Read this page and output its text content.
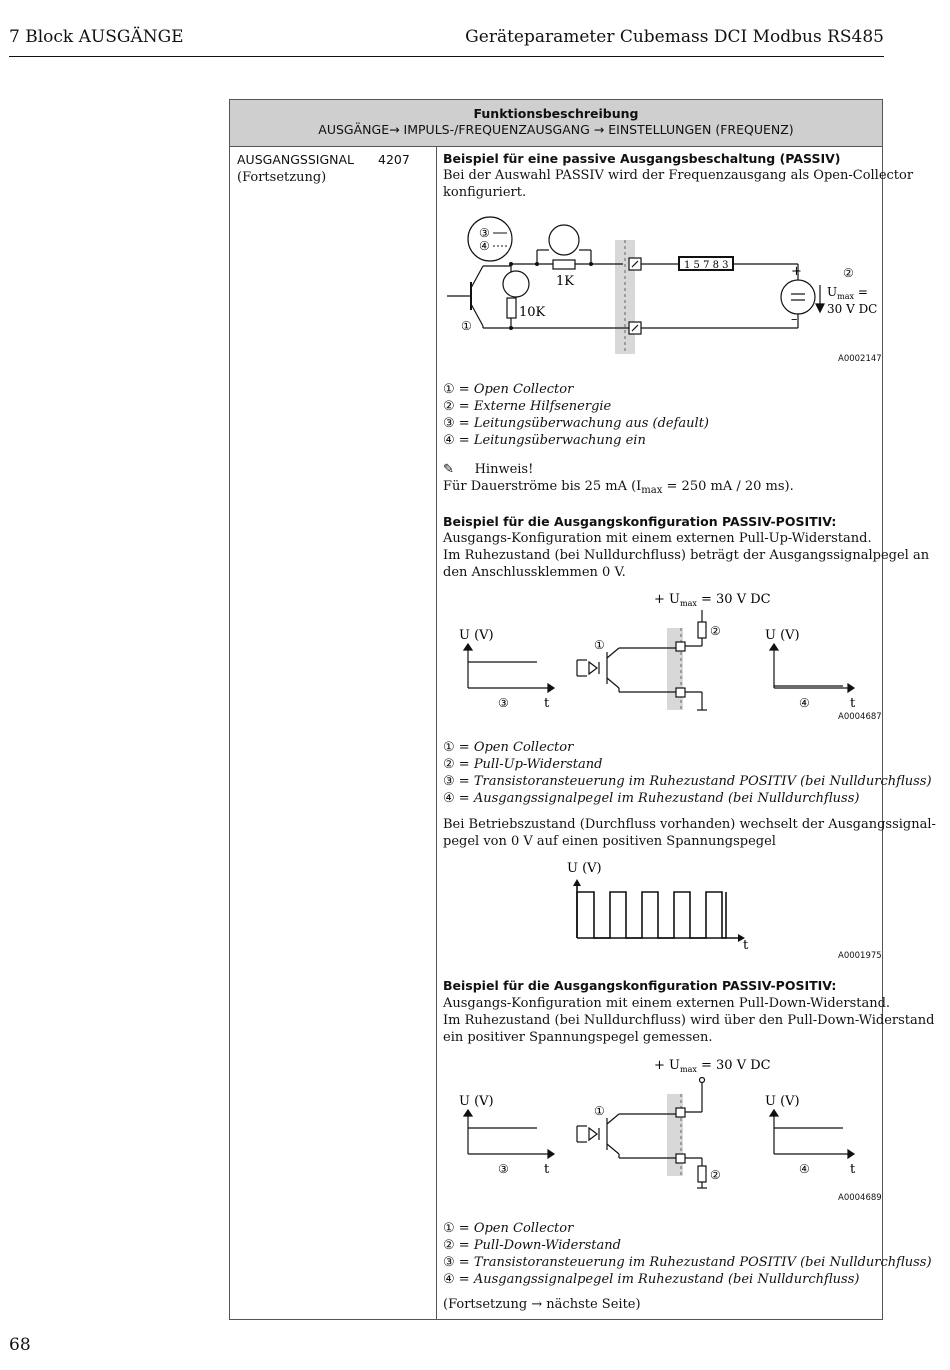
7 Block AUSGÄNGE	Geräteparameter Cubemass DCI Modbus RS485
Funktionsbeschreibung
AUSGÄNGE→ IMPULS-/FREQUENZAUSGANG → EINSTELLUNGEN (FREQUENZ)
AUSGANGSSIGNAL	4207
(Fortsetzung)
Beispiel für eine passive Ausgangsbeschaltung (PASSIV)
Bei der Auswahl PASSIV wird der Frequenzausgang als Open-Collector
konfiguriert.
③
④
1K
10K
①
1 5 7 8 3	+
–
②
$U_{max}$ =
30 V DC
A0002147
① = Open Collector
② = Externe Hilfsenergie
③ = Leitungsüberwachung aus (default)
④ = Leitungsüberwachung ein
✎ Hinweis!
Für Dauerströme bis 25 mA ($I_{max} = 250$ mA / 20 ms).
Beispiel für die Ausgangskonfiguration PASSIV-POSITIV:
Ausgangs-Konfiguration mit einem externen Pull-Up-Widerstand.
Im Ruhezustand (bei Nulldurchfluss) beträgt der Ausgangssignalpegel an
den Anschlussklemmen 0 V.
+ $U_{max} = 30$ V DC
U (V)	U (V)
t	t
③	④
①
②
A0004687
① = Open Collector
② = Pull-Up-Widerstand
③ = Transistoransteuerung im Ruhezustand POSITIV (bei Nulldurchfluss)
④ = Ausgangssignalpegel im Ruhezustand (bei Nulldurchfluss)
Bei Betriebszustand (Durchfluss vorhanden) wechselt der Ausgangssignal-
pegel von 0 V auf einen positiven Spannungspegel
U (V)
t
A0001975
Beispiel für die Ausgangskonfiguration PASSIV-POSITIV:
Ausgangs-Konfiguration mit einem externen Pull-Down-Widerstand.
Im Ruhezustand (bei Nulldurchfluss) wird über den Pull-Down-Widerstand
ein positiver Spannungspegel gemessen.
+ $U_{max} = 30$ V DC
U (V)	U (V)
t	t
③	④
①
②
A0004689
① = Open Collector
② = Pull-Down-Widerstand
③ = Transistoransteuerung im Ruhezustand POSITIV (bei Nulldurchfluss)
④ = Ausgangssignalpegel im Ruhezustand (bei Nulldurchfluss)
(Fortsetzung → nächste Seite)
68
